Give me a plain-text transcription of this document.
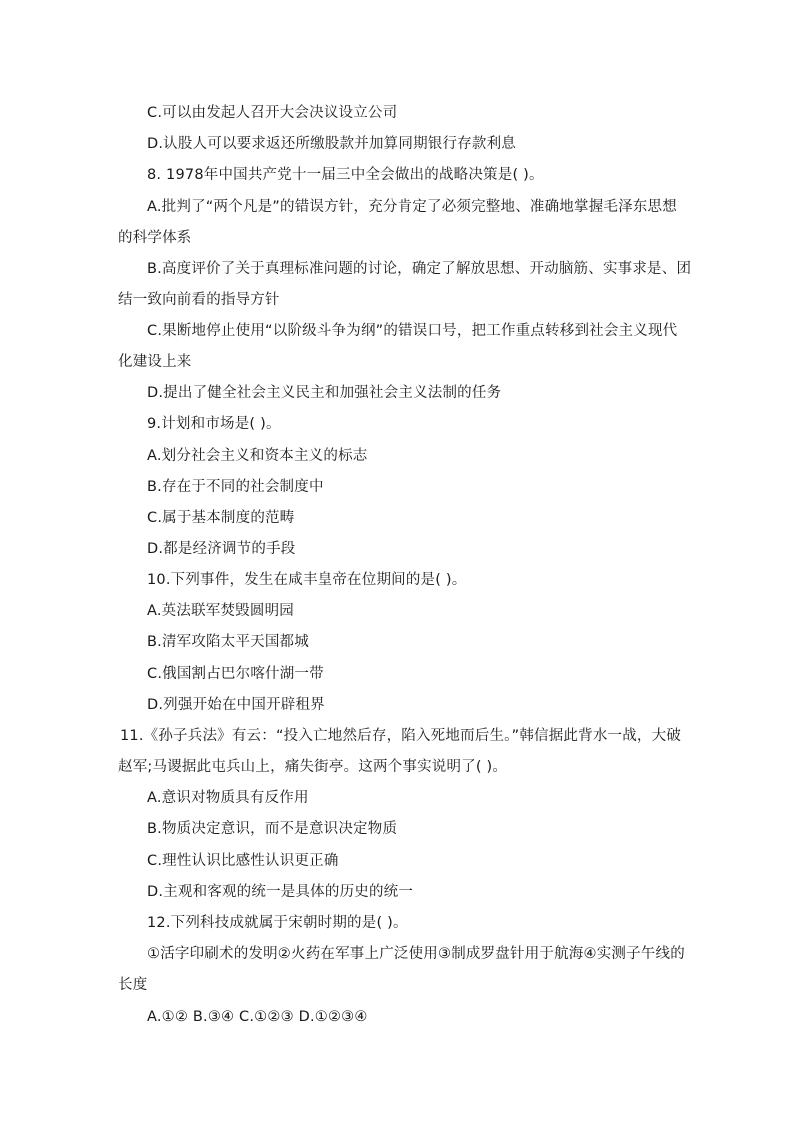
C.可以由发起人召开大会决议设立公司
D.认股人可以要求返还所缴股款并加算同期银行存款利息
8. 1978年中国共产党十一届三中全会做出的战略决策是( )。
A.批判了“两个凡是”的错误方针，充分肯定了必须完整地、准确地掌握毛泽东思想
的科学体系
B.高度评价了关于真理标准问题的讨论，确定了解放思想、开动脑筋、实事求是、团
结一致向前看的指导方针
C.果断地停止使用“以阶级斗争为纲”的错误口号，把工作重点转移到社会主义现代
化建设上来
D.提出了健全社会主义民主和加强社会主义法制的任务
9.计划和市场是( )。
A.划分社会主义和资本主义的标志
B.存在于不同的社会制度中
C.属于基本制度的范畴
D.都是经济调节的手段
10.下列事件，发生在咸丰皇帝在位期间的是( )。
A.英法联军焚毁圆明园
B.清军攻陷太平天国都城
C.俄国割占巴尔喀什湖一带
D.列强开始在中国开辟租界
11.《孙子兵法》有云：“投入亡地然后存，陷入死地而后生。”韩信据此背水一战，大破
赵军;马谡据此屯兵山上，痛失街亭。这两个事实说明了( )。
A.意识对物质具有反作用
B.物质决定意识，而不是意识决定物质
C.理性认识比感性认识更正确
D.主观和客观的统一是具体的历史的统一
12.下列科技成就属于宋朝时期的是( )。
①活字印刷术的发明②火药在军事上广泛使用③制成罗盘针用于航海④实测子午线的
长度
A.①② B.③④ C.①②③ D.①②③④
